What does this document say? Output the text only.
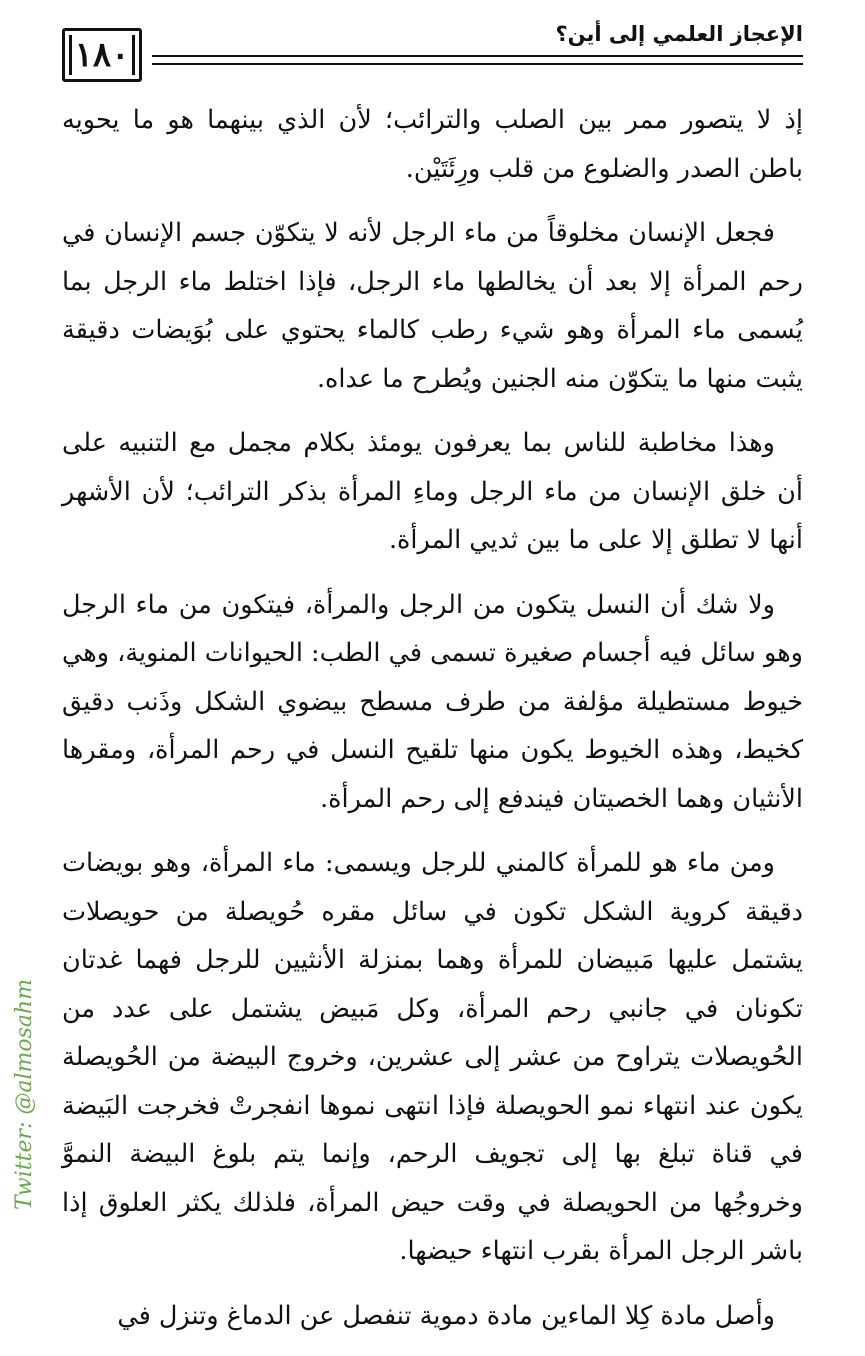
١٨٠
الإعجاز العلمي إلى أين؟

إذ لا يتصور ممر بين الصلب والترائب؛ لأن الذي بينهما هو ما يحويه باطن الصدر والضلوع من قلب ورِئَتَيْن.

فجعل الإنسان مخلوقاً من ماء الرجل لأنه لا يتكوّن جسم الإنسان في رحم المرأة إلا بعد أن يخالطها ماء الرجل، فإذا اختلط ماء الرجل بما يُسمى ماء المرأة وهو شيء رطب كالماء يحتوي على بُوَيضات دقيقة يثبت منها ما يتكوّن منه الجنين ويُطرح ما عداه.

وهذا مخاطبة للناس بما يعرفون يومئذ بكلام مجمل مع التنبيه على أن خلق الإنسان من ماء الرجل وماءِ المرأة بذكر الترائب؛ لأن الأشهر أنها لا تطلق إلا على ما بين ثديي المرأة.

ولا شك أن النسل يتكون من الرجل والمرأة، فيتكون من ماء الرجل وهو سائل فيه أجسام صغيرة تسمى في الطب: الحيوانات المنوية، وهي خيوط مستطيلة مؤلفة من طرف مسطح بيضوي الشكل وذَنب دقيق كخيط، وهذه الخيوط يكون منها تلقيح النسل في رحم المرأة، ومقرها الأنثيان وهما الخصيتان فيندفع إلى رحم المرأة.

ومن ماء هو للمرأة كالمني للرجل ويسمى: ماء المرأة، وهو بويضات دقيقة كروية الشكل تكون في سائل مقره حُويصلة من حويصلات يشتمل عليها مَبيضان للمرأة وهما بمنزلة الأنثيين للرجل فهما غدتان تكونان في جانبي رحم المرأة، وكل مَبيض يشتمل على عدد من الحُويصلات يتراوح من عشر إلى عشرين، وخروج البيضة من الحُويصلة يكون عند انتهاء نمو الحويصلة فإذا انتهى نموها انفجرتْ فخرجت البَيضة في قناة تبلغ بها إلى تجويف الرحم، وإنما يتم بلوغ البيضة النموَّ وخروجُها من الحويصلة في وقت حيض المرأة، فلذلك يكثر العلوق إذا باشر الرجل المرأة بقرب انتهاء حيضها.

وأصل مادة كِلا الماءين مادة دموية تنفصل عن الدماغ وتنزل في

Twitter: @almosahm
